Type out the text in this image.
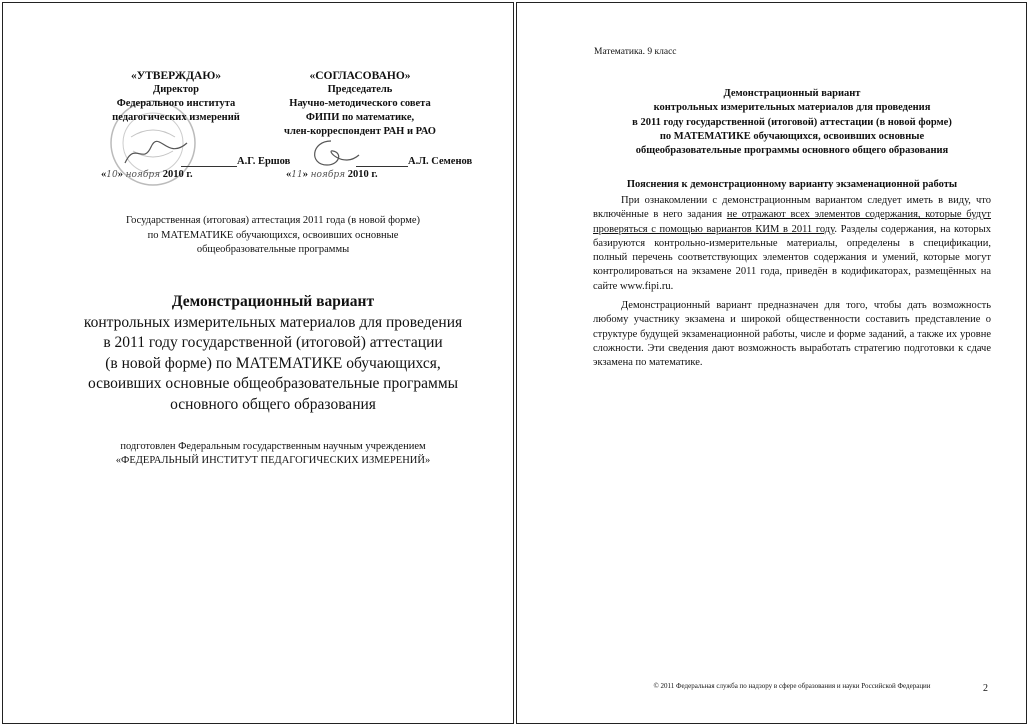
«УТВЕРЖДАЮ»
Директор
Федерального института
педагогических измерений
«СОГЛАСОВАНО»
Председатель
Научно-методического совета
ФИПИ по математике,
член-корреспондент РАН и РАО
А.Г. Ершов
«10» ноября 2010 г.
А.Л. Семенов
«11» ноября 2010 г.
Государственная (итоговая) аттестация 2011 года (в новой форме)
по МАТЕМАТИКЕ обучающихся, освоивших основные
общеобразовательные программы
Демонстрационный вариант
контрольных измерительных материалов для проведения
в 2011 году государственной (итоговой) аттестации
(в новой форме) по МАТЕМАТИКЕ обучающихся,
освоивших основные общеобразовательные программы
основного общего образования
подготовлен Федеральным государственным научным учреждением
«ФЕДЕРАЛЬНЫЙ ИНСТИТУТ ПЕДАГОГИЧЕСКИХ ИЗМЕРЕНИЙ»
Математика. 9 класс
Демонстрационный вариант
контрольных измерительных материалов для проведения
в 2011 году государственной (итоговой) аттестации (в новой форме)
по МАТЕМАТИКЕ обучающихся, освоивших основные
общеобразовательные программы основного общего образования
Пояснения к демонстрационному варианту экзаменационной работы

При ознакомлении с демонстрационным вариантом следует иметь в виду, что включённые в него задания не отражают всех элементов содержания, которые будут проверяться с помощью вариантов КИМ в 2011 году. Разделы содержания, на которых базируются контрольно-измерительные материалы, определены в спецификации, полный перечень соответствующих элементов содержания и умений, которые могут контролироваться на экзамене 2011 года, приведён в кодификаторах, размещённых на сайте www.fipi.ru.

Демонстрационный вариант предназначен для того, чтобы дать возможность любому участнику экзамена и широкой общественности составить представление о структуре будущей экзаменационной работы, числе и форме заданий, а также их уровне сложности. Эти сведения дают возможность выработать стратегию подготовки к сдаче экзамена по математике.

© 2011 Федеральная служба по надзору в сфере образования и науки Российской Федерации	2
